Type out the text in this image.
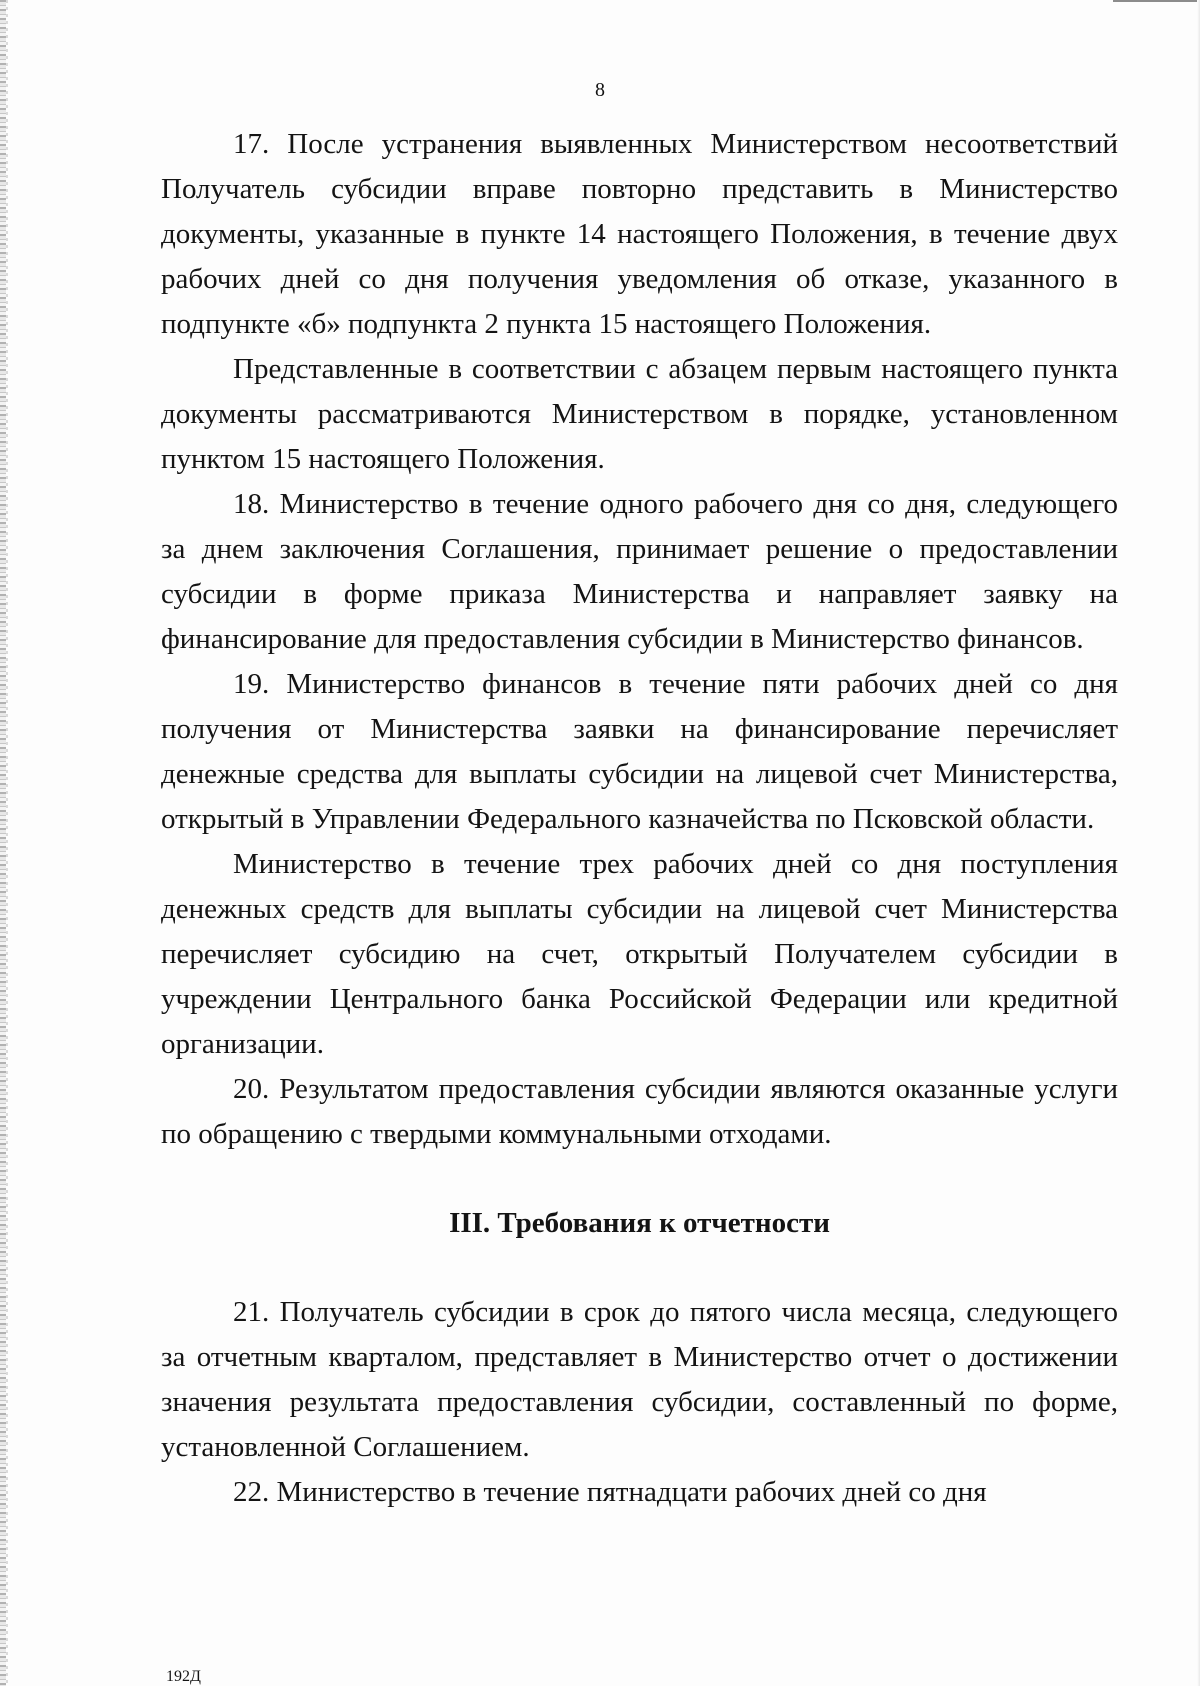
8

17. После устранения выявленных Министерством несоответствий Получатель субсидии вправе повторно представить в Министерство документы, указанные в пункте 14 настоящего Положения, в течение двух рабочих дней со дня получения уведомления об отказе, указанного в подпункте «б» подпункта 2 пункта 15 настоящего Положения.

Представленные в соответствии с абзацем первым настоящего пункта документы рассматриваются Министерством в порядке, установленном пунктом 15 настоящего Положения.

18. Министерство в течение одного рабочего дня со дня, следующего за днем заключения Соглашения, принимает решение о предоставлении субсидии в форме приказа Министерства и направляет заявку на финансирование для предоставления субсидии в Министерство финансов.

19. Министерство финансов в течение пяти рабочих дней со дня получения от Министерства заявки на финансирование перечисляет денежные средства для выплаты субсидии на лицевой счет Министерства, открытый в Управлении Федерального казначейства по Псковской области.

Министерство в течение трех рабочих дней со дня поступления денежных средств для выплаты субсидии на лицевой счет Министерства перечисляет субсидию на счет, открытый Получателем субсидии в учреждении Центрального банка Российской Федерации или кредитной организации.

20. Результатом предоставления субсидии являются оказанные услуги по обращению с твердыми коммунальными отходами.

III. Требования к отчетности

21. Получатель субсидии в срок до пятого числа месяца, следующего за отчетным кварталом, представляет в Министерство отчет о достижении значения результата предоставления субсидии, составленный по форме, установленной Соглашением.

22. Министерство в течение пятнадцати рабочих дней со дня

192Д
